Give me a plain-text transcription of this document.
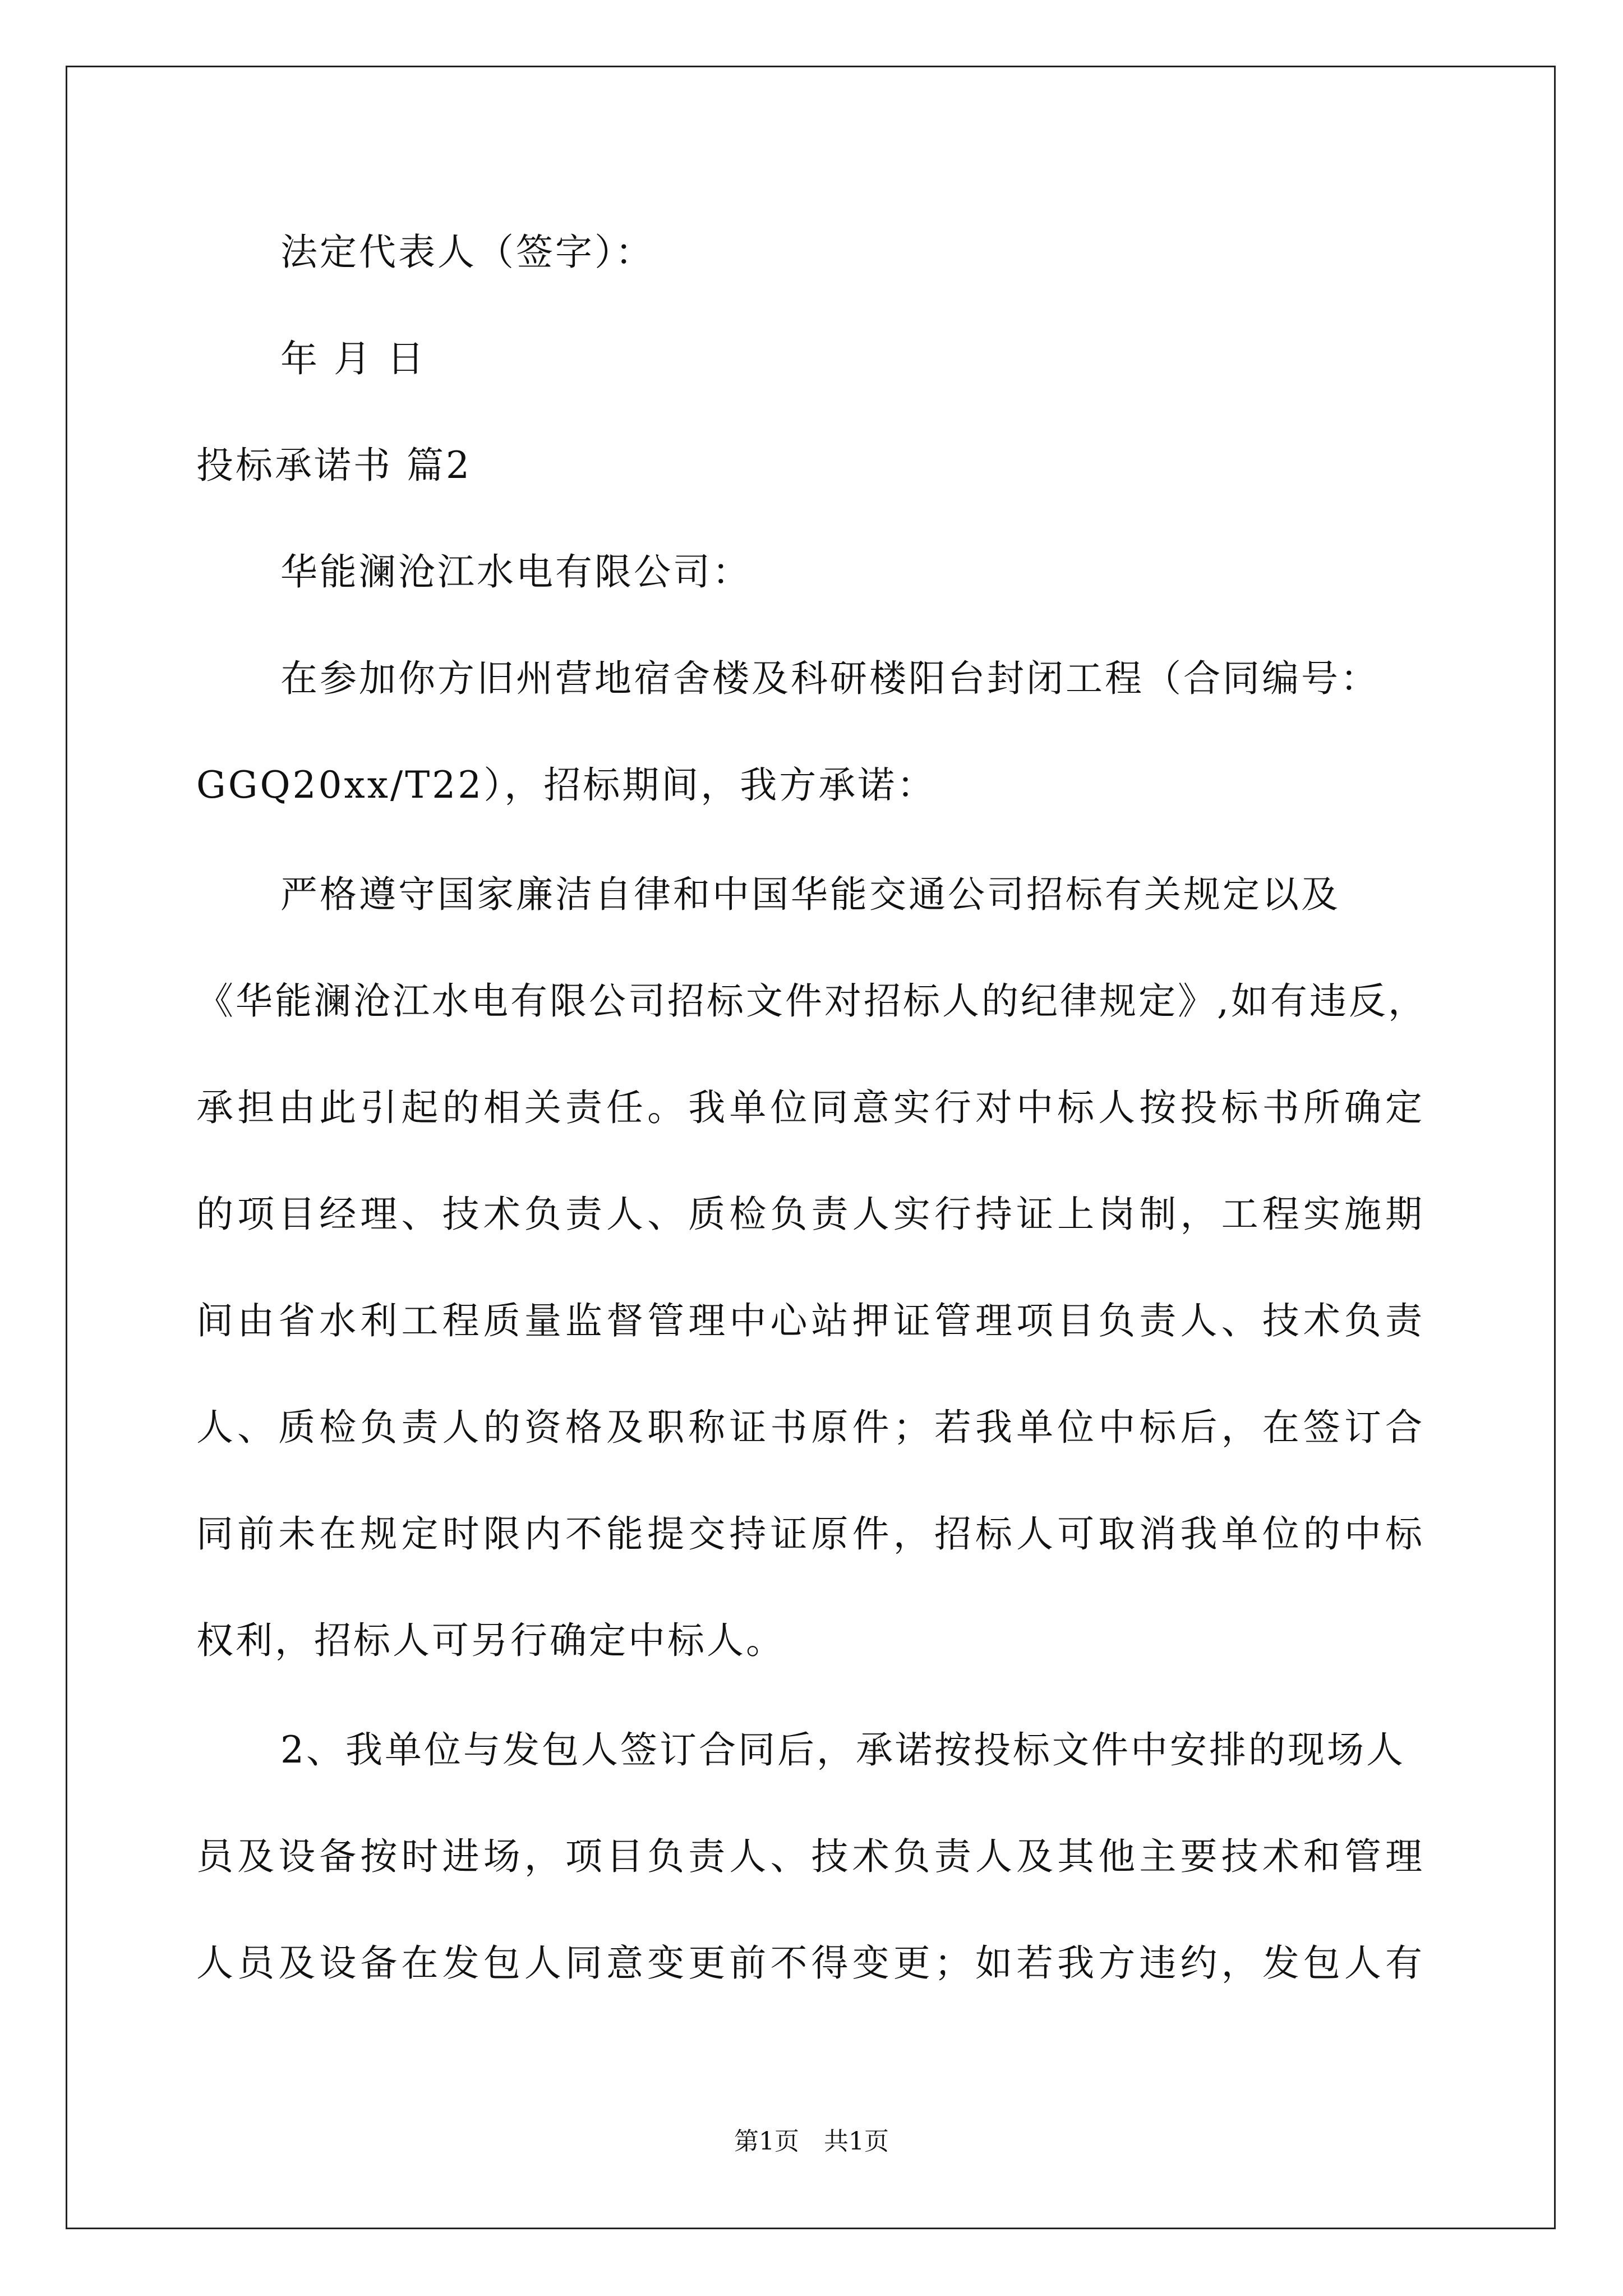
法定代表人（签字）：
年 月 日
投标承诺书 篇2
华能澜沧江水电有限公司：
在参加你方旧州营地宿舍楼及科研楼阳台封闭工程（合同编号：
GGQ20xx/T22），招标期间，我方承诺：
严格遵守国家廉洁自律和中国华能交通公司招标有关规定以及
《华能澜沧江水电有限公司招标文件对招标人的纪律规定》,如有违反，
承担由此引起的相关责任。我单位同意实行对中标人按投标书所确定
的项目经理、技术负责人、质检负责人实行持证上岗制，工程实施期
间由省水利工程质量监督管理中心站押证管理项目负责人、技术负责
人、质检负责人的资格及职称证书原件；若我单位中标后，在签订合
同前未在规定时限内不能提交持证原件，招标人可取消我单位的中标
权利，招标人可另行确定中标人。
2、我单位与发包人签订合同后，承诺按投标文件中安排的现场人
员及设备按时进场，项目负责人、技术负责人及其他主要技术和管理
人员及设备在发包人同意变更前不得变更；如若我方违约，发包人有
第1页　共1页
